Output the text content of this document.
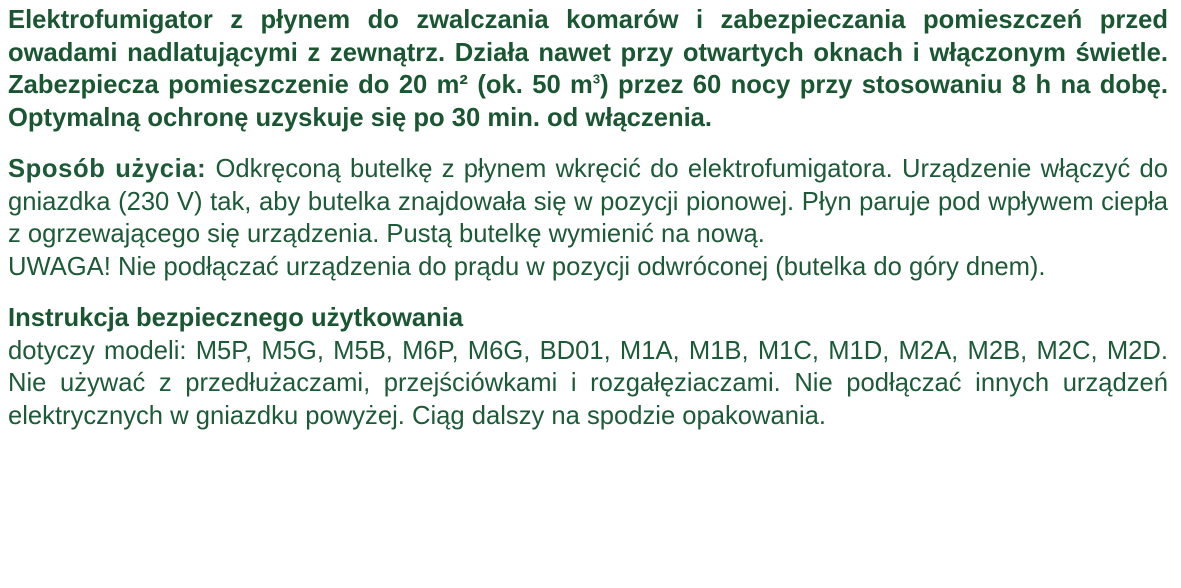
Elektrofumigator z płynem do zwalczania komarów i zabezpieczania pomieszczeń przed owadami nadlatującymi z zewnątrz. Działa nawet przy otwartych oknach i włączonym świetle. Zabezpiecza pomieszczenie do 20 m² (ok. 50 $m^3$) przez 60 nocy przy stosowaniu 8 h na dobę. Optymalną ochronę uzyskuje się po 30 min. od włączenia.

Sposób użycia: Odkręconą butelkę z płynem wkręcić do elektrofumigatora. Urządzenie włączyć do gniazdka (230 V) tak, aby butelka znajdowała się w pozycji pionowej. Płyn paruje pod wpływem ciepła z ogrzewającego się urządzenia. Pustą butelkę wymienić na nową.

UWAGA! Nie podłączać urządzenia do prądu w pozycji odwróconej (butelka do góry dnem).

Instrukcja bezpiecznego użytkowania

dotyczy modeli: M5P, M5G, M5B, M6P, M6G, BD01, M1A, M1B, M1C, M1D, M2A, M2B, M2C, M2D. Nie używać z przedłużaczami, przejściówkami i rozgałęziaczami. Nie podłączać innych urządzeń elektrycznych w gniazdku powyżej. Ciąg dalszy na spodzie opakowania.
